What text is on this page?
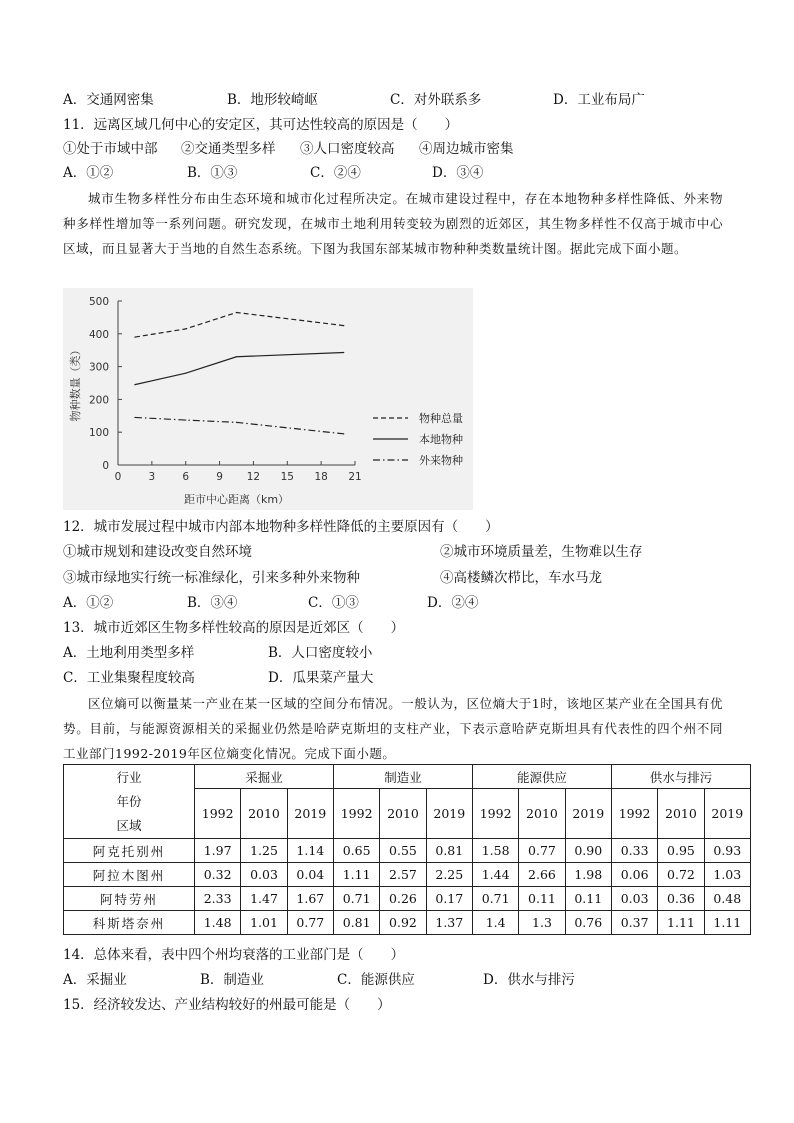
A．交通网密集	B．地形较崎岖	C．对外联系多	D．工业布局广
11．远离区域几何中心的安定区，其可达性较高的原因是（　　）
①处于市域中部 ②交通类型多样 ③人口密度较高 ④周边城市密集
A．①②	B．①③	C．②④	D．③④
城市生物多样性分布由生态环境和城市化过程所决定。在城市建设过程中，存在本地物种多样性降低、外来物种多样性增加等一系列问题。研究发现，在城市土地利用转变较为剧烈的近郊区，其生物多样性不仅高于城市中心区域，而且显著大于当地的自然生态系统。下图为我国东部某城市物种种类数量统计图。据此完成下面小题。
0
100
200
300
400
500
0	3	6	9 12 15 18 21
距市中心距离（km）
物种数量（类）	物种总量
本地物种
外来物种
12．城市发展过程中城市内部本地物种多样性降低的主要原因有（　　）
①城市规划和建设改变自然环境	②城市环境质量差，生物难以生存
③城市绿地实行统一标准绿化，引来多种外来物种	④高楼鳞次栉比，车水马龙
A．①②	B．③④	C．①③	D．②④
13．城市近郊区生物多样性较高的原因是近郊区（　　）
A．土地利用类型多样	B．人口密度较小
C．工业集聚程度较高	D．瓜果菜产量大
区位熵可以衡量某一产业在某一区域的空间分布情况。一般认为，区位熵大于1时，该地区某产业在全国具有优势。目前，与能源资源相关的采掘业仍然是哈萨克斯坦的支柱产业，下表示意哈萨克斯坦具有代表性的四个州不同工业部门1992-2019年区位熵变化情况。完成下面小题。
行业
年份
区域	采掘业			制造业			能源供应			供水与排污		
	1992	2010	2019	1992	2010	2019	1992	2010	2019	1992	2010	2019
阿克托别州	1.97	1.25	1.14	0.65	0.55	0.81	1.58	0.77	0.90	0.33	0.95	0.93
阿拉木图州	0.32	0.03	0.04	1.11	2.57	2.25	1.44	2.66	1.98	0.06	0.72	1.03
阿特劳州	2.33	1.47	1.67	0.71	0.26	0.17	0.71	0.11	0.11	0.03	0.36	0.48
科斯塔奈州	1.48	1.01	0.77	0.81	0.92	1.37	1.4	1.3	0.76	0.37	1.11	1.11
14．总体来看，表中四个州均衰落的工业部门是（　　）
A．采掘业	B．制造业	C．能源供应	D．供水与排污
15．经济较发达、产业结构较好的州最可能是（　　）
